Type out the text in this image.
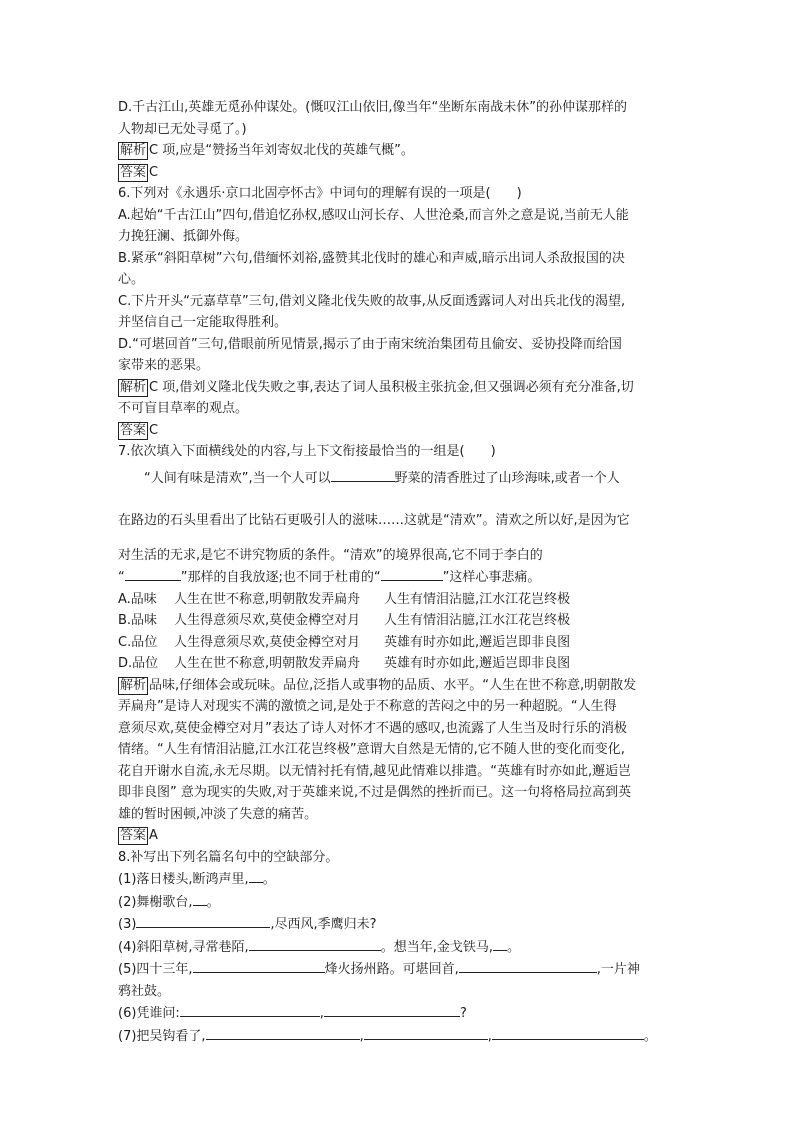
D.千古江山,英雄无觅孙仲谋处。(慨叹江山依旧,像当年“坐断东南战未休”的孙仲谋那样的

人物却已无处寻觅了。)

解析 C 项,应是“赞扬当年刘寄奴北伐的英雄气概”。

答案 C

6.下列对《永遇乐·京口北固亭怀古》中词句的理解有误的一项是(　　)

A.起始“千古江山”四句,借追忆孙权,感叹山河长存、人世沧桑,而言外之意是说,当前无人能

力挽狂澜、抵御外侮。

B.紧承“斜阳草树”六句,借缅怀刘裕,盛赞其北伐时的雄心和声威,暗示出词人杀敌报国的决

心。

C.下片开头“元嘉草草”三句,借刘义隆北伐失败的故事,从反面透露词人对出兵北伐的渴望,

并坚信自己一定能取得胜利。

D.“可堪回首”三句,借眼前所见情景,揭示了由于南宋统治集团苟且偷安、妥协投降而给国

家带来的恶果。

解析 C 项,借刘义隆北伐失败之事,表达了词人虽积极主张抗金,但又强调必须有充分准备,切

不可盲目草率的观点。

答案 C

7.依次填入下面横线处的内容,与上下文衔接最恰当的一组是(　　)

“人间有味是清欢”,当一个人可以	野菜的清香胜过了山珍海味,或者一个人

在路边的石头里看出了比钻石更吸引人的滋味……这就是“清欢”。清欢之所以好,是因为它

对生活的无求,是它不讲究物质的条件。“清欢”的境界很高,它不同于李白的

“	”那样的自我放逐;也不同于杜甫的“	”这样心事悲痛。

A.品味 人生在世不称意,明朝散发弄扁舟 人生有情泪沾臆,江水江花岂终极

B.品味 人生得意须尽欢,莫使金樽空对月 人生有情泪沾臆,江水江花岂终极

C.品位 人生得意须尽欢,莫使金樽空对月 英雄有时亦如此,邂逅岂即非良图

D.品位 人生在世不称意,明朝散发弄扁舟 英雄有时亦如此,邂逅岂即非良图

解析 品味,仔细体会或玩味。品位,泛指人或事物的品质、水平。“人生在世不称意,明朝散发

弄扁舟”是诗人对现实不满的激愤之词,是处于不称意的苦闷之中的另一种超脱。“人生得

意须尽欢,莫使金樽空对月”表达了诗人对怀才不遇的感叹,也流露了人生当及时行乐的消极

情绪。“人生有情泪沾臆,江水江花岂终极”意谓大自然是无情的,它不随人世的变化而变化,

花自开谢水自流,永无尽期。以无情衬托有情,越见此情难以排遣。“英雄有时亦如此,邂逅岂

即非良图” 意为现实的失败,对于英雄来说,不过是偶然的挫折而已。这一句将格局拉高到英

雄的暂时困顿,冲淡了失意的痛苦。

答案 A

8.补写出下列名篇名句中的空缺部分。

(1)落日楼头,断鸿声里, 。

(2)舞榭歌台, 。

(3)	,尽西风,季鹰归未?

(4)斜阳草树,寻常巷陌,	。想当年,金戈铁马, 。

(5)四十三年,	烽火扬州路。可堪回首,	,一片神

鸦社鼓。

(6)凭谁问:	,	?

(7)把吴钩看了,	,	,	。
